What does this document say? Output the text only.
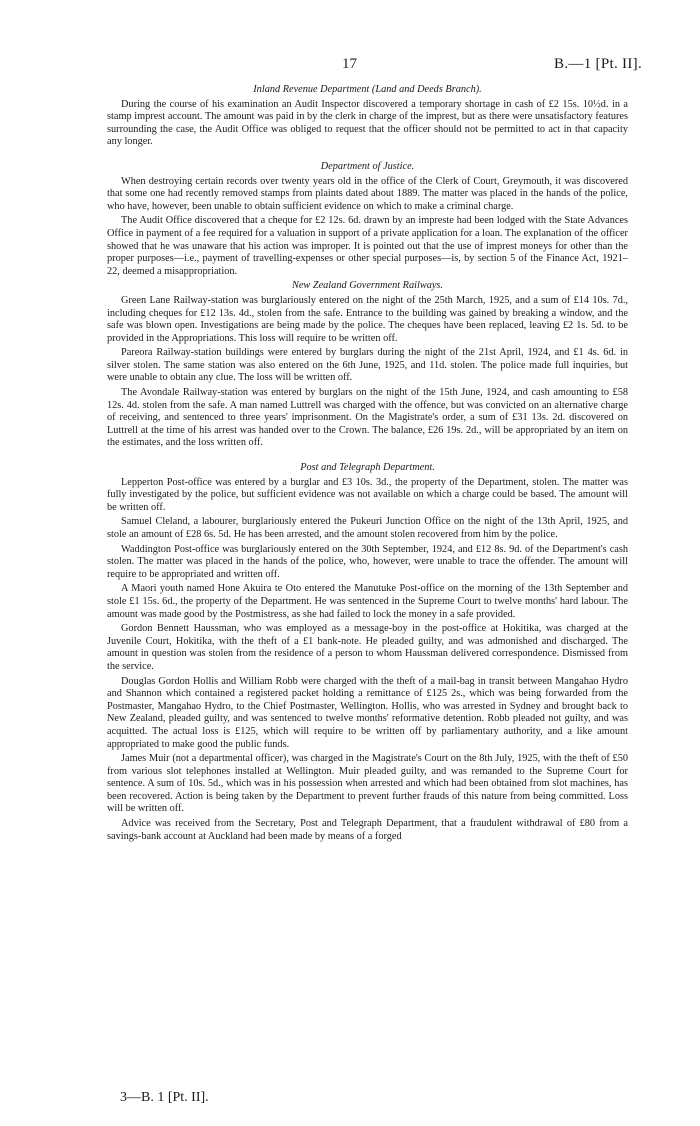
17	B.—1 [Pt. II].
Inland Revenue Department (Land and Deeds Branch).

During the course of his examination an Audit Inspector discovered a temporary shortage in cash of £2 15s. 10½d. in a stamp imprest account. The amount was paid in by the clerk in charge of the imprest, but as there were unsatisfactory features surrounding the case, the Audit Office was obliged to request that the officer should not be permitted to act in that capacity any longer.

Department of Justice.

When destroying certain records over twenty years old in the office of the Clerk of Court, Greymouth, it was discovered that some one had recently removed stamps from plaints dated about 1889. The matter was placed in the hands of the police, who have, however, been unable to obtain sufficient evidence on which to make a criminal charge.

The Audit Office discovered that a cheque for £2 12s. 6d. drawn by an impreste had been lodged with the State Advances Office in payment of a fee required for a valuation in support of a private application for a loan. The explanation of the officer showed that he was unaware that his action was improper. It is pointed out that the use of imprest moneys for other than the proper purposes—i.e., payment of travelling-expenses or other special purposes—is, by section 5 of the Finance Act, 1921–22, deemed a misappropriation.

New Zealand Government Railways.

Green Lane Railway-station was burglariously entered on the night of the 25th March, 1925, and a sum of £14 10s. 7d., including cheques for £12 13s. 4d., stolen from the safe. Entrance to the building was gained by breaking a window, and the safe was blown open. Investigations are being made by the police. The cheques have been replaced, leaving £2 1s. 5d. to be provided in the Appropriations. This loss will require to be written off.

Pareora Railway-station buildings were entered by burglars during the night of the 21st April, 1924, and £1 4s. 6d. in silver stolen. The same station was also entered on the 6th June, 1925, and 11d. stolen. The police made full inquiries, but were unable to obtain any clue. The loss will be written off.

The Avondale Railway-station was entered by burglars on the night of the 15th June, 1924, and cash amounting to £58 12s. 4d. stolen from the safe. A man named Luttrell was charged with the offence, but was convicted on an alternative charge of receiving, and sentenced to three years' imprisonment. On the Magistrate's order, a sum of £31 13s. 2d. discovered on Luttrell at the time of his arrest was handed over to the Crown. The balance, £26 19s. 2d., will be appropriated by an item on the estimates, and the loss written off.

Post and Telegraph Department.

Lepperton Post-office was entered by a burglar and £3 10s. 3d., the property of the Department, stolen. The matter was fully investigated by the police, but sufficient evidence was not available on which a charge could be based. The amount will be written off.

Samuel Cleland, a labourer, burglariously entered the Pukeuri Junction Office on the night of the 13th April, 1925, and stole an amount of £28 6s. 5d. He has been arrested, and the amount stolen recovered from him by the police.

Waddington Post-office was burglariously entered on the 30th September, 1924, and £12 8s. 9d. of the Department's cash stolen. The matter was placed in the hands of the police, who, however, were unable to trace the offender. The amount will require to be appropriated and written off.

A Maori youth named Hone Akuira te Oto entered the Manutuke Post-office on the morning of the 13th September and stole £1 15s. 6d., the property of the Department. He was sentenced in the Supreme Court to twelve months' hard labour. The amount was made good by the Postmistress, as she had failed to lock the money in a safe provided.

Gordon Bennett Haussman, who was employed as a message-boy in the post-office at Hokitika, was charged at the Juvenile Court, Hokitika, with the theft of a £1 bank-note. He pleaded guilty, and was admonished and discharged. The amount in question was stolen from the residence of a person to whom Haussman delivered correspondence. Dismissed from the service.

Douglas Gordon Hollis and William Robb were charged with the theft of a mail-bag in transit between Mangahao Hydro and Shannon which contained a registered packet holding a remittance of £125 2s., which was being forwarded from the Postmaster, Mangahao Hydro, to the Chief Postmaster, Wellington. Hollis, who was arrested in Sydney and brought back to New Zealand, pleaded guilty, and was sentenced to twelve months' reformative detention. Robb pleaded not guilty, and was acquitted. The actual loss is £125, which will require to be written off by parliamentary authority, and a like amount appropriated to make good the public funds.

James Muir (not a departmental officer), was charged in the Magistrate's Court on the 8th July, 1925, with the theft of £50 from various slot telephones installed at Wellington. Muir pleaded guilty, and was remanded to the Supreme Court for sentence. A sum of 10s. 5d., which was in his possession when arrested and which had been obtained from slot machines, has been recovered. Action is being taken by the Department to prevent further frauds of this nature from being committed. Loss will be written off.

Advice was received from the Secretary, Post and Telegraph Department, that a fraudulent withdrawal of £80 from a savings-bank account at Auckland had been made by means of a forged

3—B. 1 [Pt. II].
